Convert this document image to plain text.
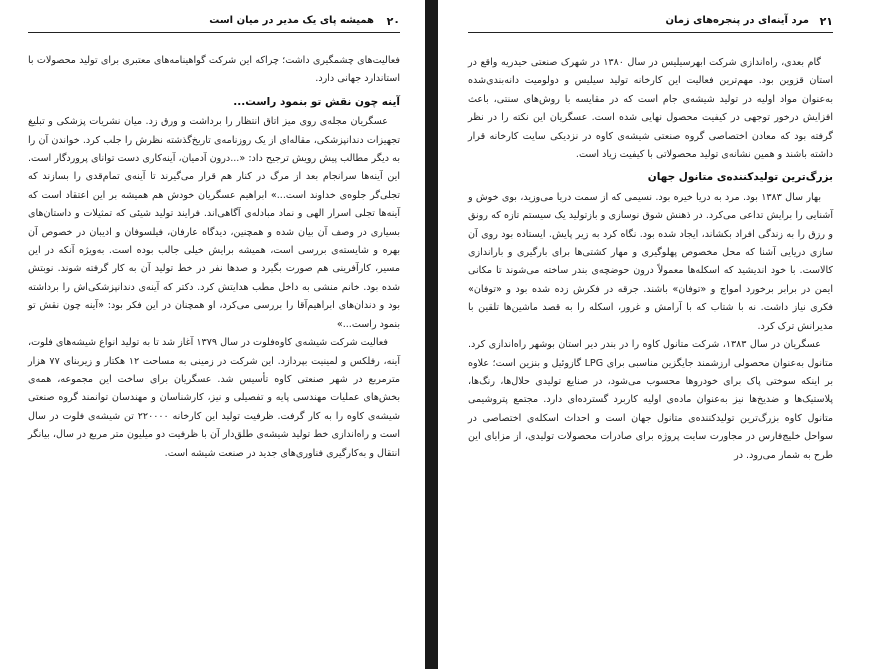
۲۰
همیشه پای یک مدیر در میان است

فعالیت‌های چشمگیری داشت؛ چراکه این شرکت گواهینامه‌های معتبری برای تولید محصولات با استاندارد جهانی دارد.

آینه چون نقش تو بنمود راست...

عسگریان مجله‌ی روی میز اتاق انتظار را برداشت و ورق زد. میان نشریات پزشکی و تبلیغ تجهیزات دندانپزشکی، مقاله‌ای از یک روزنامه‌ی تاریخ‌گذشته نظرش را جلب کرد. خواندن آن را به دیگر مطالب پیش رویش ترجیح داد: «...درون آدمیان، آینه‌کاری دست توانای پروردگار است. این آینه‌ها سرانجام بعد از مرگ در کنار هم قرار می‌گیرند تا آینه‌ی تمام‌قدی را بسازند که تجلی‌گر جلوه‌ی خداوند است...» ابراهیم عسگریان خودش هم همیشه بر این اعتقاد است که آینه‌ها تجلی اسرار الهی و نماد مبادله‌ی آگاهی‌اند. فرایند تولید شیئی که تمثیلات و داستان‌های بسیاری در وصف آن بیان شده و همچنین، دیدگاه عارفان، فیلسوفان و ادیبان در خصوص آن بهره و شایسته‌ی بررسی است، همیشه برایش خیلی جالب بوده است. به‌ویژه آنکه در این مسیر، کارآفرینی هم صورت بگیرد و صدها نفر در خط تولید آن به کار گرفته شوند. نوبتش شده بود. خانم منشی به داخل مطب هدایتش کرد. دکتر که آینه‌ی دندانپزشکی‌اش را برداشته بود و دندان‌های ابراهیم‌آقا را بررسی می‌کرد، او همچنان در این فکر بود: «آینه چون نقش تو بنمود راست...»

فعالیت شرکت شیشه‌ی کاوه‌فلوت در سال ۱۳۷۹ آغاز شد تا به تولید انواع شیشه‌های فلوت، آینه، رفلکس و لمینیت بپردازد. این شرکت در زمینی به مساحت ۱۲ هکتار و زیربنای ۷۷ هزار مترمربع در شهر صنعتی کاوه تأسیس شد. عسگریان برای ساخت این مجموعه، همه‌ی بخش‌های عملیات مهندسی پایه و تفصیلی و نیز، کارشناسان و مهندسان توانمند گروه صنعتی شیشه‌ی کاوه را به کار گرفت. ظرفیت تولید این کارخانه ۲۲۰۰۰۰ تن شیشه‌ی فلوت در سال است و راه‌اندازی خط تولید شیشه‌ی طلق‌دار آن با ظرفیت دو میلیون متر مربع در سال، بیانگر انتقال و به‌کارگیری فناوری‌های جدید در صنعت شیشه است.

۲۱
مرد آینه‌ای در پنجره‌های زمان

گام بعدی، راه‌اندازی شرکت ابهرسیلیس در سال ۱۳۸۰ در شهرک صنعتی حیدریه واقع در استان قزوین بود. مهم‌ترین فعالیت این کارخانه تولید سیلیس و دولومیت دانه‌بندی‌شده به‌عنوان مواد اولیه در تولید شیشه‌ی جام است که در مقایسه با روش‌های سنتی، باعث افزایش درخور توجهی در کیفیت محصول نهایی شده است. عسگریان این نکته را در نظر گرفته بود که معادن اختصاصی گروه صنعتی شیشه‌ی کاوه در نزدیکی سایت کارخانه قرار داشته باشند و همین نشانه‌ی تولید محصولاتی با کیفیت زیاد است.

بزرگ‌ترین تولیدکننده‌ی متانول جهان

بهار سال ۱۳۸۳ بود. مرد به دریا خیره بود. نسیمی که از سمت دریا می‌وزید، بوی خوش و آشنایی را برایش تداعی می‌کرد. در ذهنش شوق نوسازی و بازتولید یک سیستم تازه که رونق و رزق را به زندگی افراد بکشاند، ایجاد شده بود. نگاه کرد به زیر پایش. ایستاده بود روی آن سازی دریایی آشنا که محل مخصوص پهلوگیری و مهار کشتی‌ها برای بارگیری و باراندازی کالاست. با خود اندیشید که اسکله‌ها معمولاً درون حوضچه‌ی بندر ساخته می‌شوند تا مکانی ایمن در برابر برخورد امواج و «توفان» باشند. جرقه در فکرش زده شده بود و «توفان» فکری نیاز داشت. نه با شتاب که با آرامش و غرور، اسکله را به قصد ماشین‌ها تلقین با مدیرانش ترک کرد.

عسگریان در سال ۱۳۸۳، شرکت متانول کاوه را در بندر دیر استان بوشهر راه‌اندازی کرد. متانول به‌عنوان محصولی ارزشمند جایگزین مناسبی برای LPG گازوئیل و بنزین است؛ علاوه بر اینکه سوختی پاک برای خودروها محسوب می‌شود، در صنایع تولیدی حلال‌ها، رنگ‌ها، پلاستیک‌ها و ضدیخ‌ها نیز به‌عنوان ماده‌ی اولیه کاربرد گسترده‌ای دارد. مجتمع پتروشیمی متانول کاوه بزرگ‌ترین تولیدکننده‌ی متانول جهان است و احداث اسکله‌ی اختصاصی در سواحل خلیج‌فارس در مجاورت سایت پروژه برای صادرات محصولات تولیدی، از مزایای این طرح به شمار می‌رود. در
